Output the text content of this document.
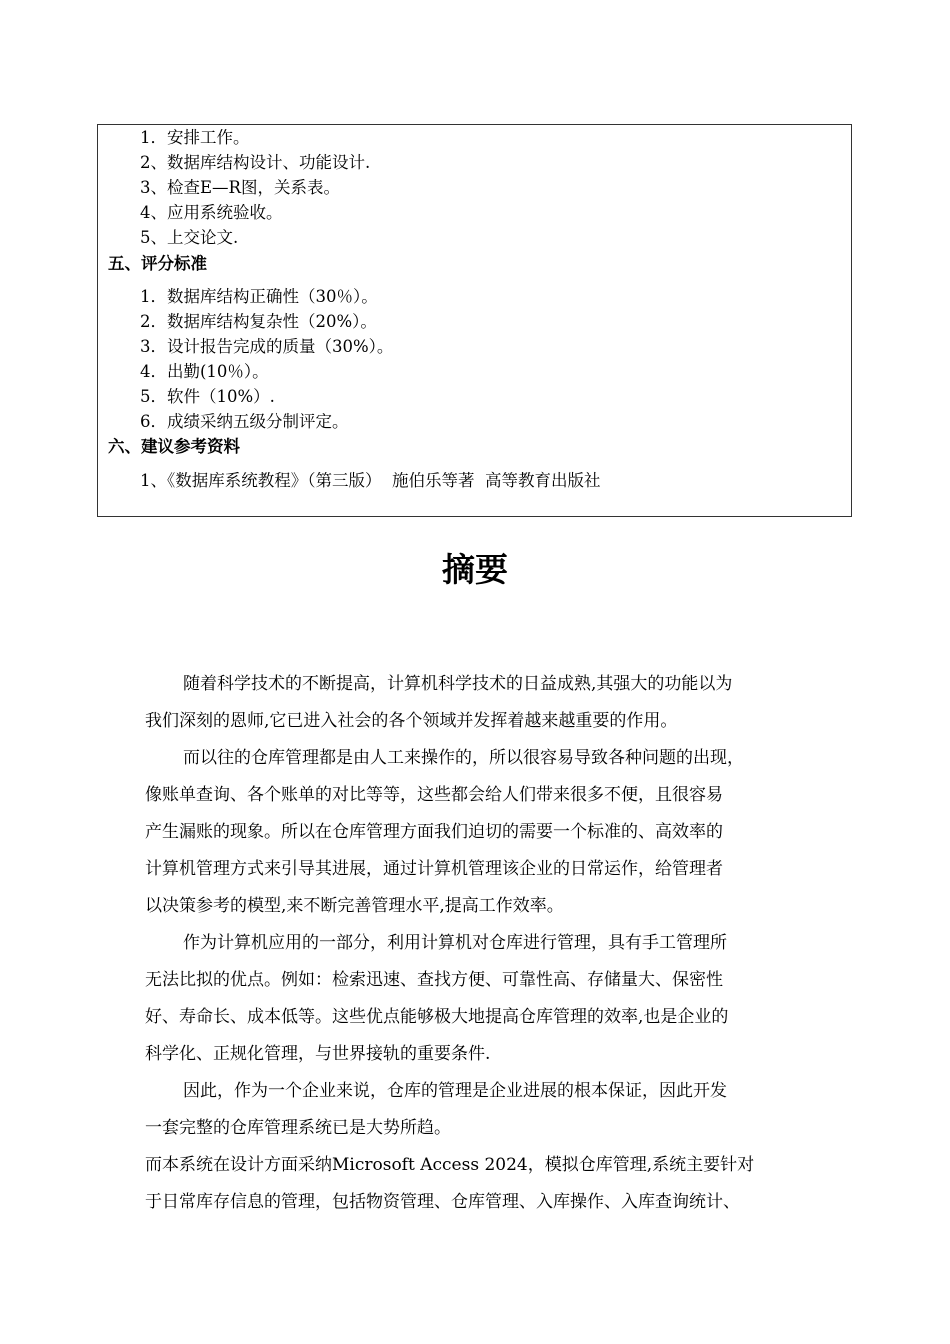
1．安排工作。
2、数据库结构设计、功能设计.
3、检查E—R图，关系表。
4、应用系统验收。
5、上交论文.
五、评分标准
1．数据库结构正确性（30％）。
2．数据库结构复杂性（20%）。
3．设计报告完成的质量（30%）。
4．出勤(10％）。
5．软件（10%）.
6．成绩采纳五级分制评定。
六、建议参考资料
1、《数据库系统教程》（第三版）  施伯乐等著  高等教育出版社
摘要
随着科学技术的不断提高，计算机科学技术的日益成熟,其强大的功能以为
我们深刻的恩师,它已进入社会的各个领域并发挥着越来越重要的作用。
而以往的仓库管理都是由人工来操作的，所以很容易导致各种问题的出现，
像账单查询、各个账单的对比等等，这些都会给人们带来很多不便，且很容易
产生漏账的现象。所以在仓库管理方面我们迫切的需要一个标准的、高效率的
计算机管理方式来引导其进展，通过计算机管理该企业的日常运作，给管理者
以决策参考的模型,来不断完善管理水平,提高工作效率。
作为计算机应用的一部分，利用计算机对仓库进行管理，具有手工管理所
无法比拟的优点。例如：检索迅速、查找方便、可靠性高、存储量大、保密性
好、寿命长、成本低等。这些优点能够极大地提高仓库管理的效率,也是企业的
科学化、正规化管理，与世界接轨的重要条件.
因此，作为一个企业来说，仓库的管理是企业进展的根本保证，因此开发
一套完整的仓库管理系统已是大势所趋。
而本系统在设计方面采纳Microsoft Access 2024，模拟仓库管理,系统主要针对
于日常库存信息的管理，包括物资管理、仓库管理、入库操作、入库查询统计、
